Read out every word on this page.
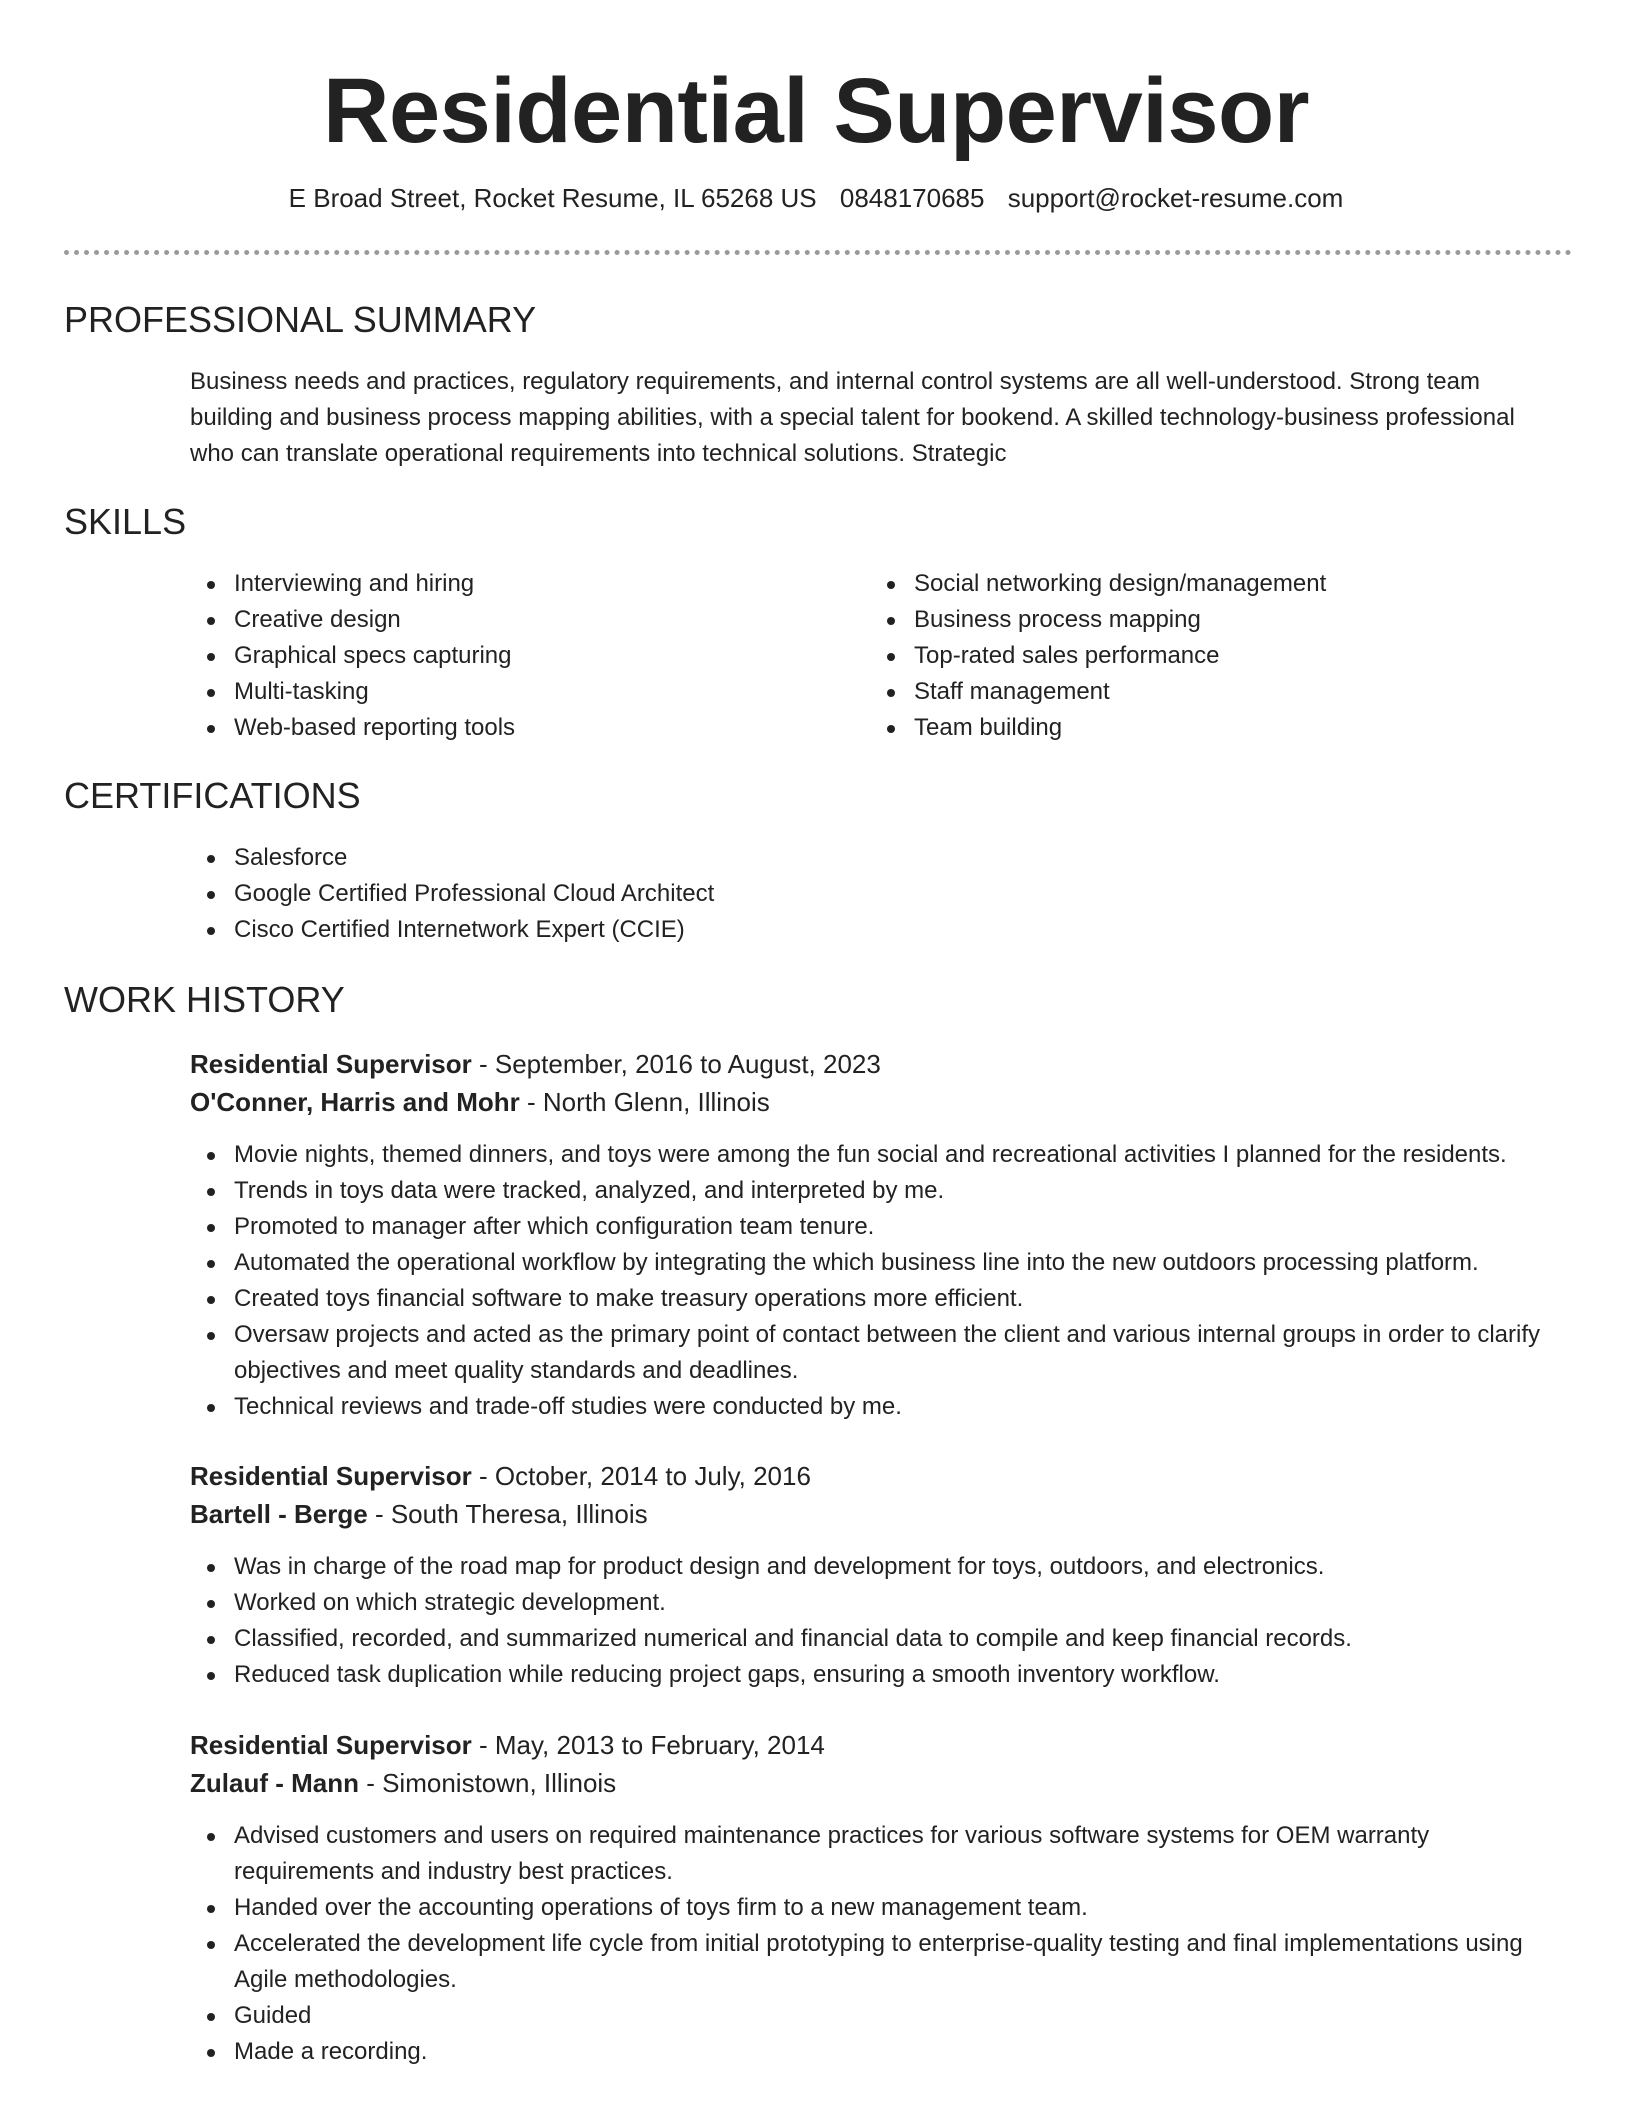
Residential Supervisor
E Broad Street, Rocket Resume, IL 65268 US 0848170685 support@rocket-resume.com
PROFESSIONAL SUMMARY

Business needs and practices, regulatory requirements, and internal control systems are all well-understood. Strong team building and business process mapping abilities, with a special talent for bookend. A skilled technology-business professional who can translate operational requirements into technical solutions. Strategic

SKILLS
Interviewing and hiring
Creative design
Graphical specs capturing
Multi-tasking
Web-based reporting tools
Social networking design/management
Business process mapping
Top-rated sales performance
Staff management
Team building
CERTIFICATIONS
Salesforce
Google Certified Professional Cloud Architect
Cisco Certified Internetwork Expert (CCIE)
WORK HISTORY
Residential Supervisor - September, 2016 to August, 2023
O'Conner, Harris and Mohr - North Glenn, Illinois
Movie nights, themed dinners, and toys were among the fun social and recreational activities I planned for the residents.
Trends in toys data were tracked, analyzed, and interpreted by me.
Promoted to manager after which configuration team tenure.
Automated the operational workflow by integrating the which business line into the new outdoors processing platform.
Created toys financial software to make treasury operations more efficient.
Oversaw projects and acted as the primary point of contact between the client and various internal groups in order to clarify objectives and meet quality standards and deadlines.
Technical reviews and trade-off studies were conducted by me.
Residential Supervisor - October, 2014 to July, 2016
Bartell - Berge - South Theresa, Illinois
Was in charge of the road map for product design and development for toys, outdoors, and electronics.
Worked on which strategic development.
Classified, recorded, and summarized numerical and financial data to compile and keep financial records.
Reduced task duplication while reducing project gaps, ensuring a smooth inventory workflow.
Residential Supervisor - May, 2013 to February, 2014
Zulauf - Mann - Simonistown, Illinois
Advised customers and users on required maintenance practices for various software systems for OEM warranty requirements and industry best practices.
Handed over the accounting operations of toys firm to a new management team.
Accelerated the development life cycle from initial prototyping to enterprise-quality testing and final implementations using Agile methodologies.
Guided
Made a recording.
